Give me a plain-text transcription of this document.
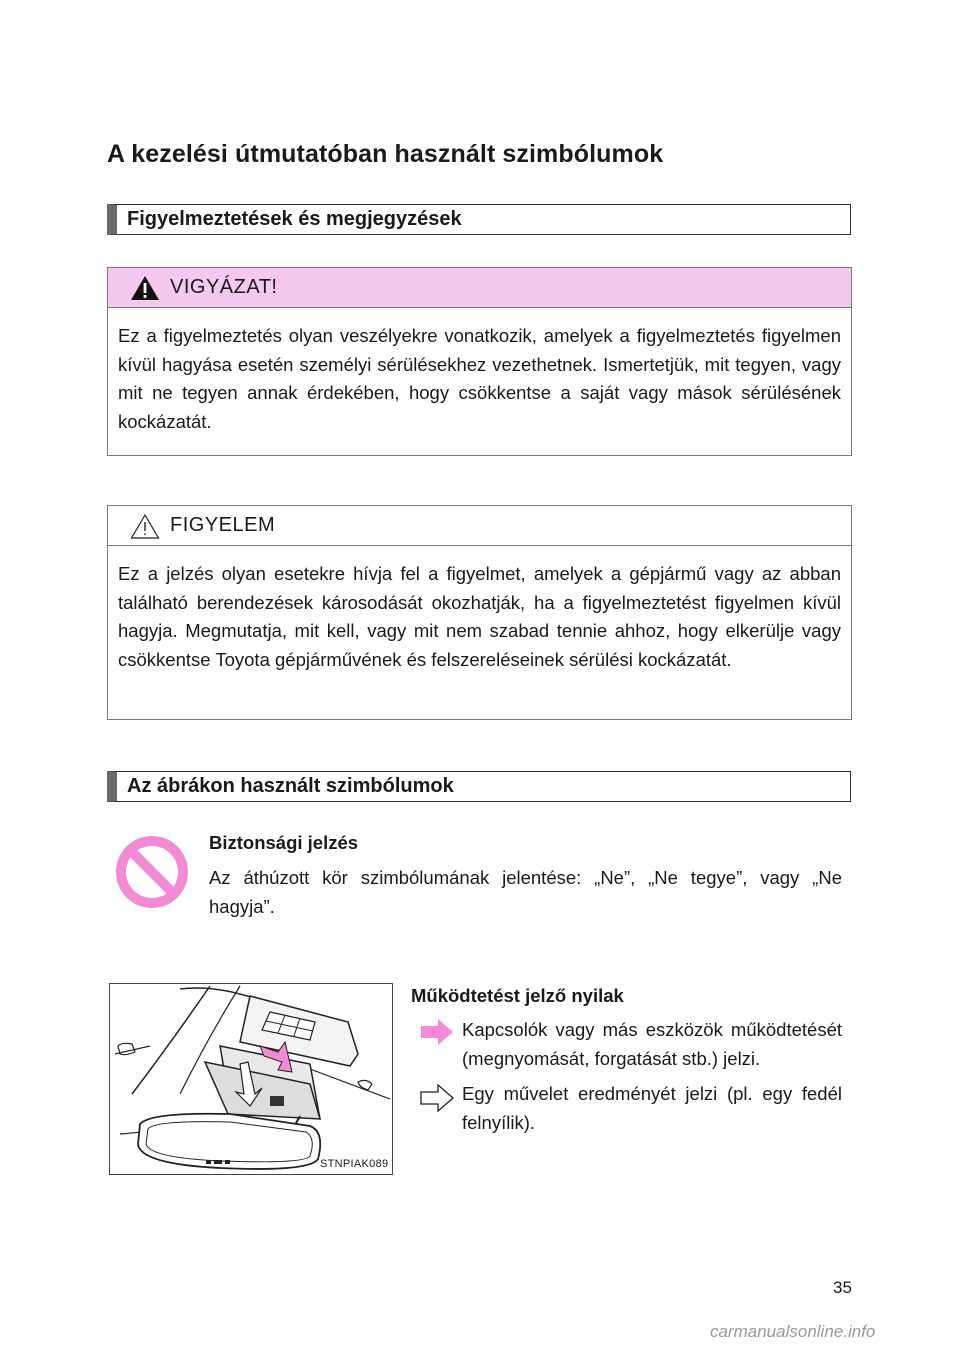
A kezelési útmutatóban használt szimbólumok
Figyelmeztetések és megjegyzések
VIGYÁZAT!
Ez a figyelmeztetés olyan veszélyekre vonatkozik, amelyek a figyelmeztetés figyelmen kívül hagyása esetén személyi sérülésekhez vezethetnek. Ismertetjük, mit tegyen, vagy mit ne tegyen annak érdekében, hogy csökkentse a saját vagy mások sérülésének kockázatát.
FIGYELEM
Ez a jelzés olyan esetekre hívja fel a figyelmet, amelyek a gépjármű vagy az abban található berendezések károsodását okozhatják, ha a figyelmeztetést figyelmen kívül hagyja. Megmutatja, mit kell, vagy mit nem szabad tennie ahhoz, hogy elkerülje vagy csökkentse Toyota gépjárművének és felszereléseinek sérülési kockázatát.
Az ábrákon használt szimbólumok
Biztonsági jelzés
Az áthúzott kör szimbólumának jelentése: „Ne”, „Ne tegye”, vagy „Ne hagyja”.
STNPIAK089
Működtetést jelző nyilak
Kapcsolók vagy más eszközök működtetését (megnyomását, forgatását stb.) jelzi.
Egy művelet eredményét jelzi (pl. egy fedél felnyílik).
35
carmanualsonline.info
